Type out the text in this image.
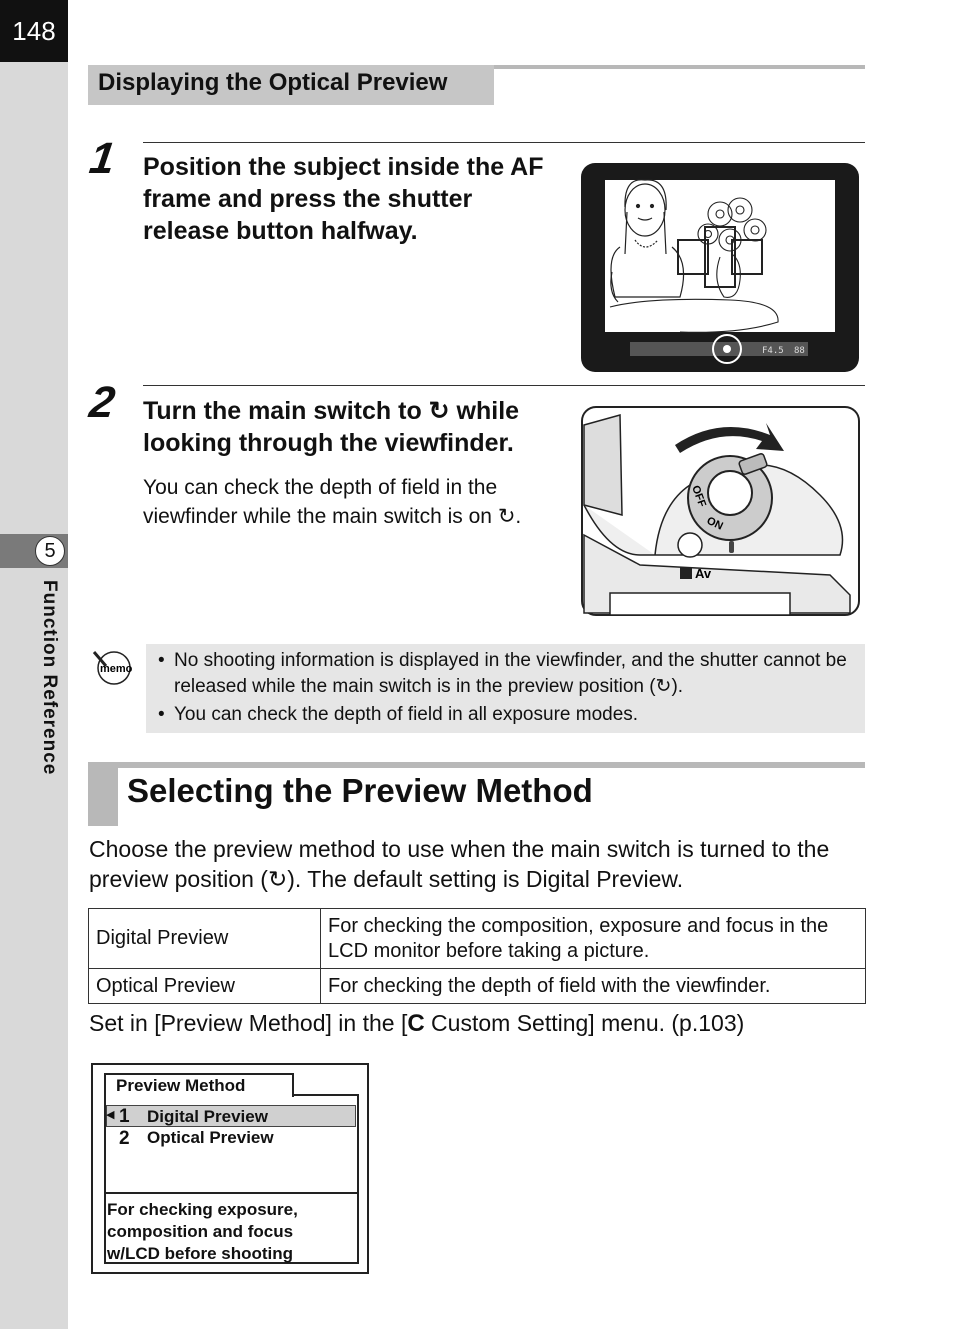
148
5
Function Reference
Displaying the Optical Preview
1 Position the subject inside the AF
frame and press the shutter
release button halfway.
F4.5 88
2 Turn the main switch to ↻ while
looking through the viewfinder.
You can check the depth of field in the
viewfinder while the main switch is on ↻.
OFF
ON
Av
memo	• No shooting information is displayed in the viewfinder, and the shutter cannot be released while the main switch is in the preview position (↻).
• You can check the depth of field in all exposure modes.
Selecting the Preview Method

Choose the preview method to use when the main switch is turned to the preview position (↻). The default setting is Digital Preview.

Digital Preview	For checking the composition, exposure and focus in the LCD monitor before taking a picture.
Optical Preview	For checking the depth of field with the viewfinder.
Set in [Preview Method] in the [C Custom Setting] menu. (p.103)
Preview Method
◀ 1 Digital Preview
2 Optical Preview
For checking exposure,
composition and focus
w/LCD before shooting
